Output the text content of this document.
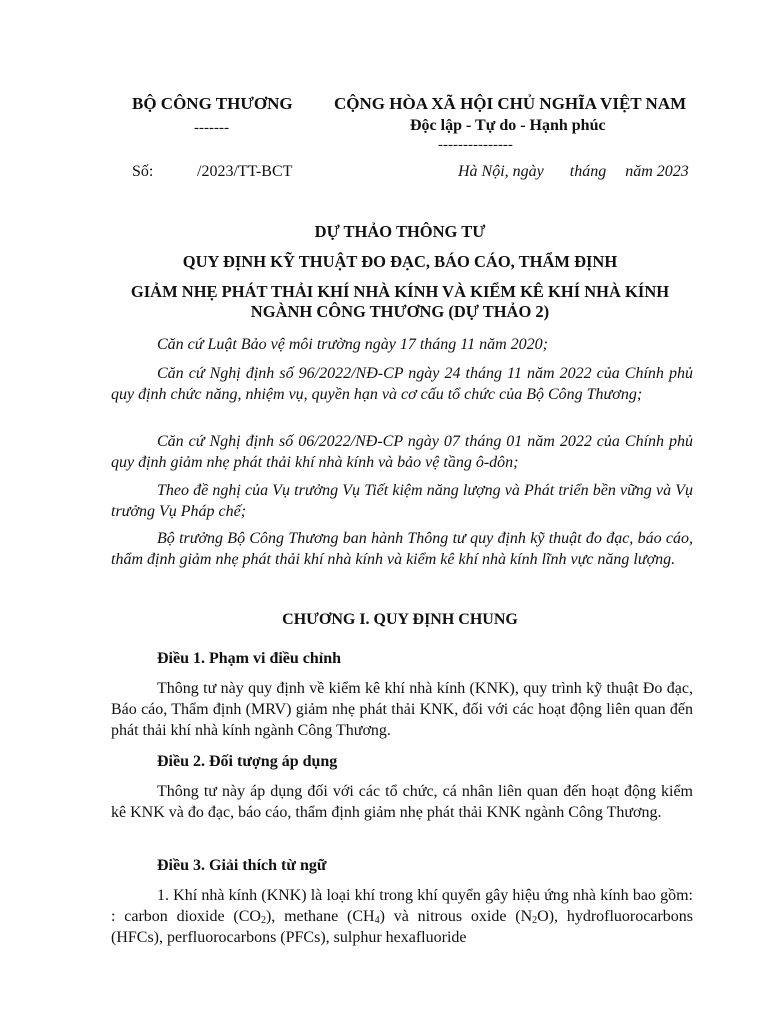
BỘ CÔNG THƯƠNG
-------
CỘNG HÒA XÃ HỘI CHỦ NGHĨA VIỆT NAM
Độc lập - Tự do - Hạnh phúc
---------------
Số:	/2023/TT-BCT	Hà Nội, ngày tháng năm 2023
DỰ THẢO THÔNG TƯ
QUY ĐỊNH KỸ THUẬT ĐO ĐẠC, BÁO CÁO, THẨM ĐỊNH
GIẢM NHẸ PHÁT THẢI KHÍ NHÀ KÍNH VÀ KIỂM KÊ KHÍ NHÀ KÍNH
NGÀNH CÔNG THƯƠNG (DỰ THẢO 2)
Căn cứ Luật Bảo vệ môi trường ngày 17 tháng 11 năm 2020;
Căn cứ Nghị định số 96/2022/NĐ-CP ngày 24 tháng 11 năm 2022 của Chính phủ quy định chức năng, nhiệm vụ, quyền hạn và cơ cấu tổ chức của Bộ Công Thương;
Căn cứ Nghị định số 06/2022/NĐ-CP ngày 07 tháng 01 năm 2022 của Chính phủ quy định giảm nhẹ phát thải khí nhà kính và bảo vệ tầng ô-dôn;
Theo đề nghị của Vụ trưởng Vụ Tiết kiệm năng lượng và Phát triển bền vững và Vụ trưởng Vụ Pháp chế;
Bộ trưởng Bộ Công Thương ban hành Thông tư quy định kỹ thuật đo đạc, báo cáo, thẩm định giảm nhẹ phát thải khí nhà kính và kiểm kê khí nhà kính lĩnh vực năng lượng.
CHƯƠNG I. QUY ĐỊNH CHUNG
Điều 1. Phạm vi điều chỉnh
Thông tư này quy định về kiểm kê khí nhà kính (KNK), quy trình kỹ thuật Đo đạc, Báo cáo, Thẩm định (MRV) giảm nhẹ phát thải KNK, đối với các hoạt động liên quan đến phát thải khí nhà kính ngành Công Thương.
Điều 2. Đối tượng áp dụng
Thông tư này áp dụng đối với các tổ chức, cá nhân liên quan đến hoạt động kiểm kê KNK và đo đạc, báo cáo, thẩm định giảm nhẹ phát thải KNK ngành Công Thương.
Điều 3. Giải thích từ ngữ
1. Khí nhà kính (KNK) là loại khí trong khí quyển gây hiệu ứng nhà kính bao gồm: : carbon dioxide $(CO_2)$, methane $(CH_4)$ và nitrous oxide $(N_2O)$, hydrofluorocarbons (HFCs), perfluorocarbons (PFCs), sulphur hexafluoride
